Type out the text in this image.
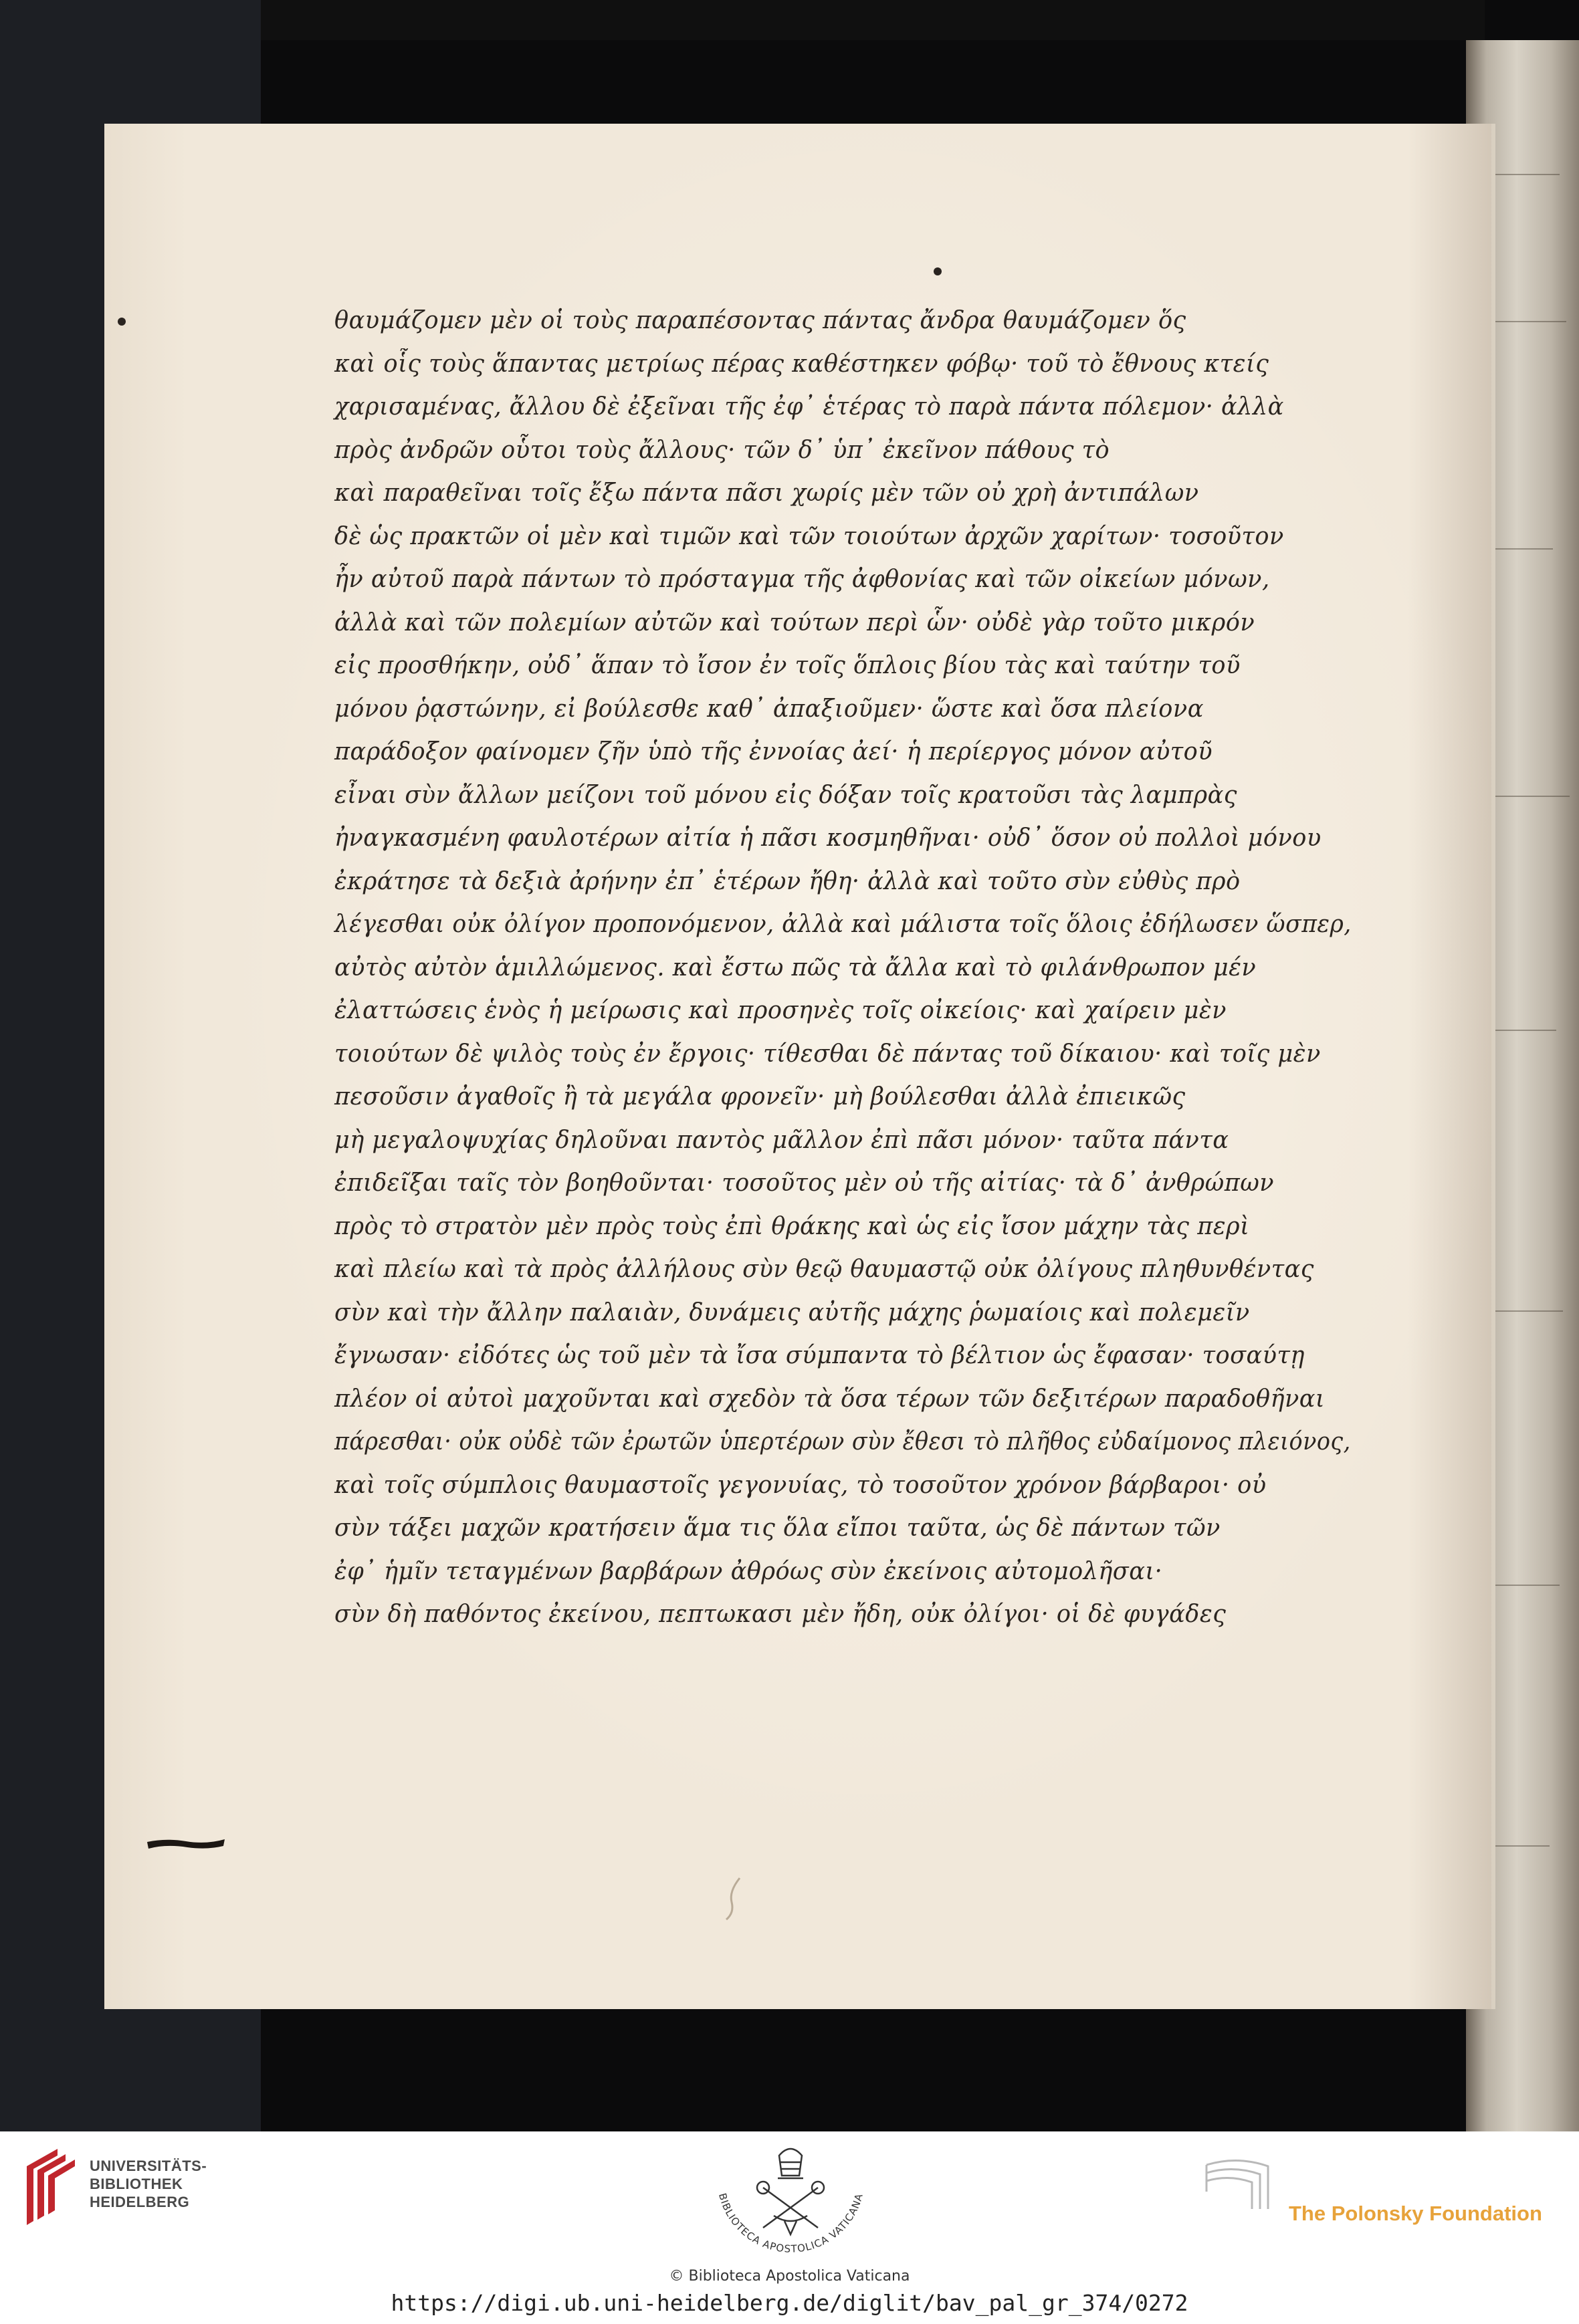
θαυμάζομεν μὲν οἱ τοὺς παραπέσοντας πάντας ἄνδρα θαυμάζομεν ὅς
καὶ οἷς τοὺς ἅπαντας μετρίως πέρας καθέστηκεν φόβῳ· τοῦ τὸ ἔθνους κτείς
χαρισαμένας, ἄλλου δὲ ἐξεῖναι τῆς ἐφ᾽ ἑτέρας τὸ παρὰ πάντα πόλεμον· ἀλλὰ
πρὸς ἀνδρῶν οὗτοι τοὺς ἄλλους· τῶν δ᾽ ὑπ᾽ ἐκεῖνον πάθους τὸ
καὶ παραθεῖναι τοῖς ἔξω πάντα πᾶσι χωρίς μὲν τῶν οὐ χρὴ ἀντιπάλων
δὲ ὡς πρακτῶν οἱ μὲν καὶ τιμῶν καὶ τῶν τοιούτων ἀρχῶν χαρίτων· τοσοῦτον
ἦν αὐτοῦ παρὰ πάντων τὸ πρόσταγμα τῆς ἀφθονίας καὶ τῶν οἰκείων μόνων,
ἀλλὰ καὶ τῶν πολεμίων αὐτῶν καὶ τούτων περὶ ὧν· οὐδὲ γὰρ τοῦτο μικρόν
εἰς προσθήκην, οὐδ᾽ ἅπαν τὸ ἴσον ἐν τοῖς ὅπλοις βίου τὰς καὶ ταύτην τοῦ
μόνου ῥᾳστώνην, εἰ βούλεσθε καθ᾽ ἀπαξιοῦμεν· ὥστε καὶ ὅσα πλείονα
παράδοξον φαίνομεν ζῆν ὑπὸ τῆς ἐννοίας ἀεί· ἡ περίεργος μόνον αὐτοῦ
εἶναι σὺν ἄλλων μείζονι τοῦ μόνου εἰς δόξαν τοῖς κρατοῦσι τὰς λαμπρὰς
ἠναγκασμένη φαυλοτέρων αἰτία ἡ πᾶσι κοσμηθῆναι· οὐδ᾽ ὅσον οὐ πολλοὶ μόνου
ἐκράτησε τὰ δεξιὰ ἀρήνην ἐπ᾽ ἑτέρων ἤθη· ἀλλὰ καὶ τοῦτο σὺν εὐθὺς πρὸ
λέγεσθαι οὐκ ὀλίγον προπονόμενον, ἀλλὰ καὶ μάλιστα τοῖς ὅλοις ἐδήλωσεν ὥσπερ,
αὐτὸς αὐτὸν ἁμιλλώμενος. καὶ ἔστω πῶς τὰ ἄλλα καὶ τὸ φιλάνθρωπον μέν
ἐλαττώσεις ἑνὸς ἡ μείρωσις καὶ προσηνὲς τοῖς οἰκείοις· καὶ χαίρειν μὲν
τοιούτων δὲ ψιλὸς τοὺς ἐν ἔργοις· τίθεσθαι δὲ πάντας τοῦ δίκαιου· καὶ τοῖς μὲν
πεσοῦσιν ἀγαθοῖς ἢ τὰ μεγάλα φρονεῖν· μὴ βούλεσθαι ἀλλὰ ἐπιεικῶς
μὴ μεγαλοψυχίας δηλοῦναι παντὸς μᾶλλον ἐπὶ πᾶσι μόνον· ταῦτα πάντα
ἐπιδεῖξαι ταῖς τὸν βοηθοῦνται· τοσοῦτος μὲν οὐ τῆς αἰτίας· τὰ δ᾽ ἀνθρώπων
πρὸς τὸ στρατὸν μὲν πρὸς τοὺς ἐπὶ θράκης καὶ ὡς εἰς ἴσον μάχην τὰς περὶ
καὶ πλείω καὶ τὰ πρὸς ἀλλήλους σὺν θεῷ θαυμαστῷ οὐκ ὀλίγους πληθυνθέντας
σὺν καὶ τὴν ἄλλην παλαιὰν, δυνάμεις αὐτῆς μάχης ῥωμαίοις καὶ πολεμεῖν
ἔγνωσαν· εἰδότες ὡς τοῦ μὲν τὰ ἴσα σύμπαντα τὸ βέλτιον ὡς ἔφασαν· τοσαύτῃ
πλέον οἱ αὐτοὶ μαχοῦνται καὶ σχεδὸν τὰ ὅσα τέρων τῶν δεξιτέρων παραδοθῆναι
πάρεσθαι· οὐκ οὐδὲ τῶν ἐρωτῶν ὑπερτέρων σὺν ἔθεσι τὸ πλῆθος εὐδαίμονος πλειόνος,
καὶ τοῖς σύμπλοις θαυμαστοῖς γεγονυίας, τὸ τοσοῦτον χρόνον βάρβαροι· οὐ
σὺν τάξει μαχῶν κρατήσειν ἅμα τις ὅλα εἴποι ταῦτα, ὡς δὲ πάντων τῶν
ἐφ᾽ ἡμῖν τεταγμένων βαρβάρων ἀθρόως σὺν ἐκείνοις αὐτομολῆσαι·
σὺν δὴ παθόντος ἐκείνου, πεπτωκασι μὲν ἤδη, οὐκ ὀλίγοι· οἱ δὲ φυγάδες
UNIVERSITÄTS-
BIBLIOTHEK
HEIDELBERG	BIBLIOTECA APOSTOLICA VATICANA
The Polonsky Foundation
© Biblioteca Apostolica Vaticana
https://digi.ub.uni-heidelberg.de/diglit/bav_pal_gr_374/0272
